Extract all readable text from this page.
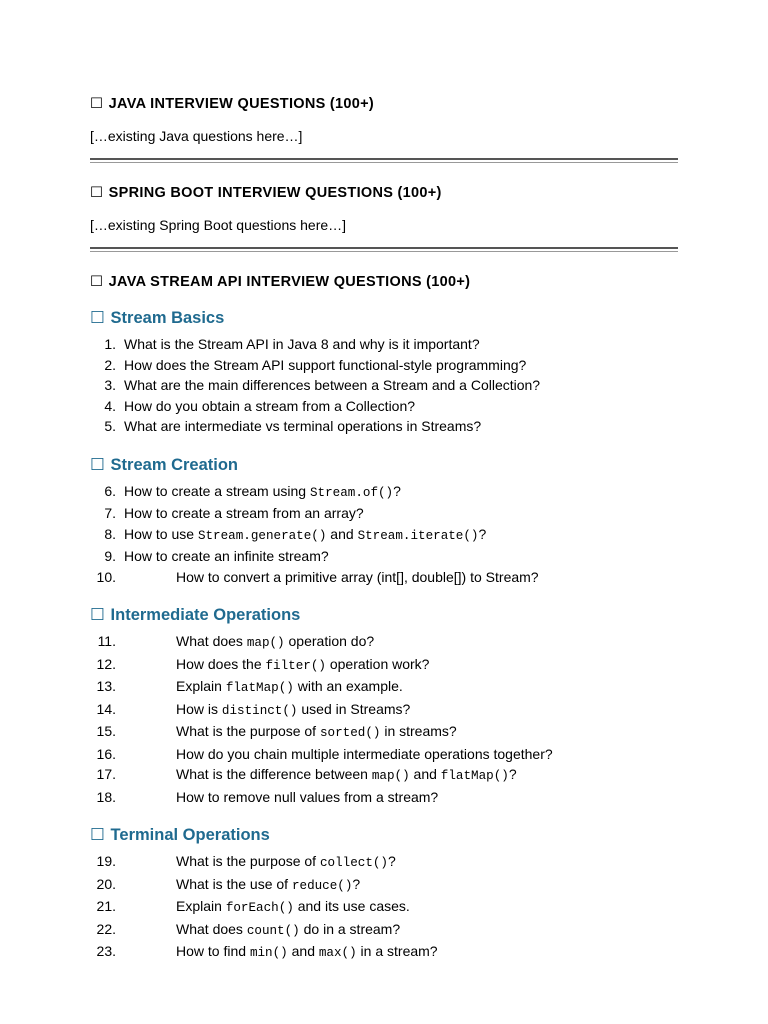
☐ JAVA INTERVIEW QUESTIONS (100+)

[…existing Java questions here…]

☐ SPRING BOOT INTERVIEW QUESTIONS (100+)

[…existing Spring Boot questions here…]

☐ JAVA STREAM API INTERVIEW QUESTIONS (100+)
☐ Stream Basics
1. What is the Stream API in Java 8 and why is it important?
2. How does the Stream API support functional-style programming?
3. What are the main differences between a Stream and a Collection?
4. How do you obtain a stream from a Collection?
5. What are intermediate vs terminal operations in Streams?
☐ Stream Creation
6. How to create a stream using Stream.of()?
7. How to create a stream from an array?
8. How to use Stream.generate() and Stream.iterate()?
9. How to create an infinite stream?
10.	How to convert a primitive array (int[], double[]) to Stream?
☐ Intermediate Operations
11.	What does map() operation do?
12.	How does the filter() operation work?
13.	Explain flatMap() with an example.
14.	How is distinct() used in Streams?
15.	What is the purpose of sorted() in streams?
16.	How do you chain multiple intermediate operations together?
17.	What is the difference between map() and flatMap()?
18.	How to remove null values from a stream?
☐ Terminal Operations
19.	What is the purpose of collect()?
20.	What is the use of reduce()?
21.	Explain forEach() and its use cases.
22.	What does count() do in a stream?
23.	How to find min() and max() in a stream?
